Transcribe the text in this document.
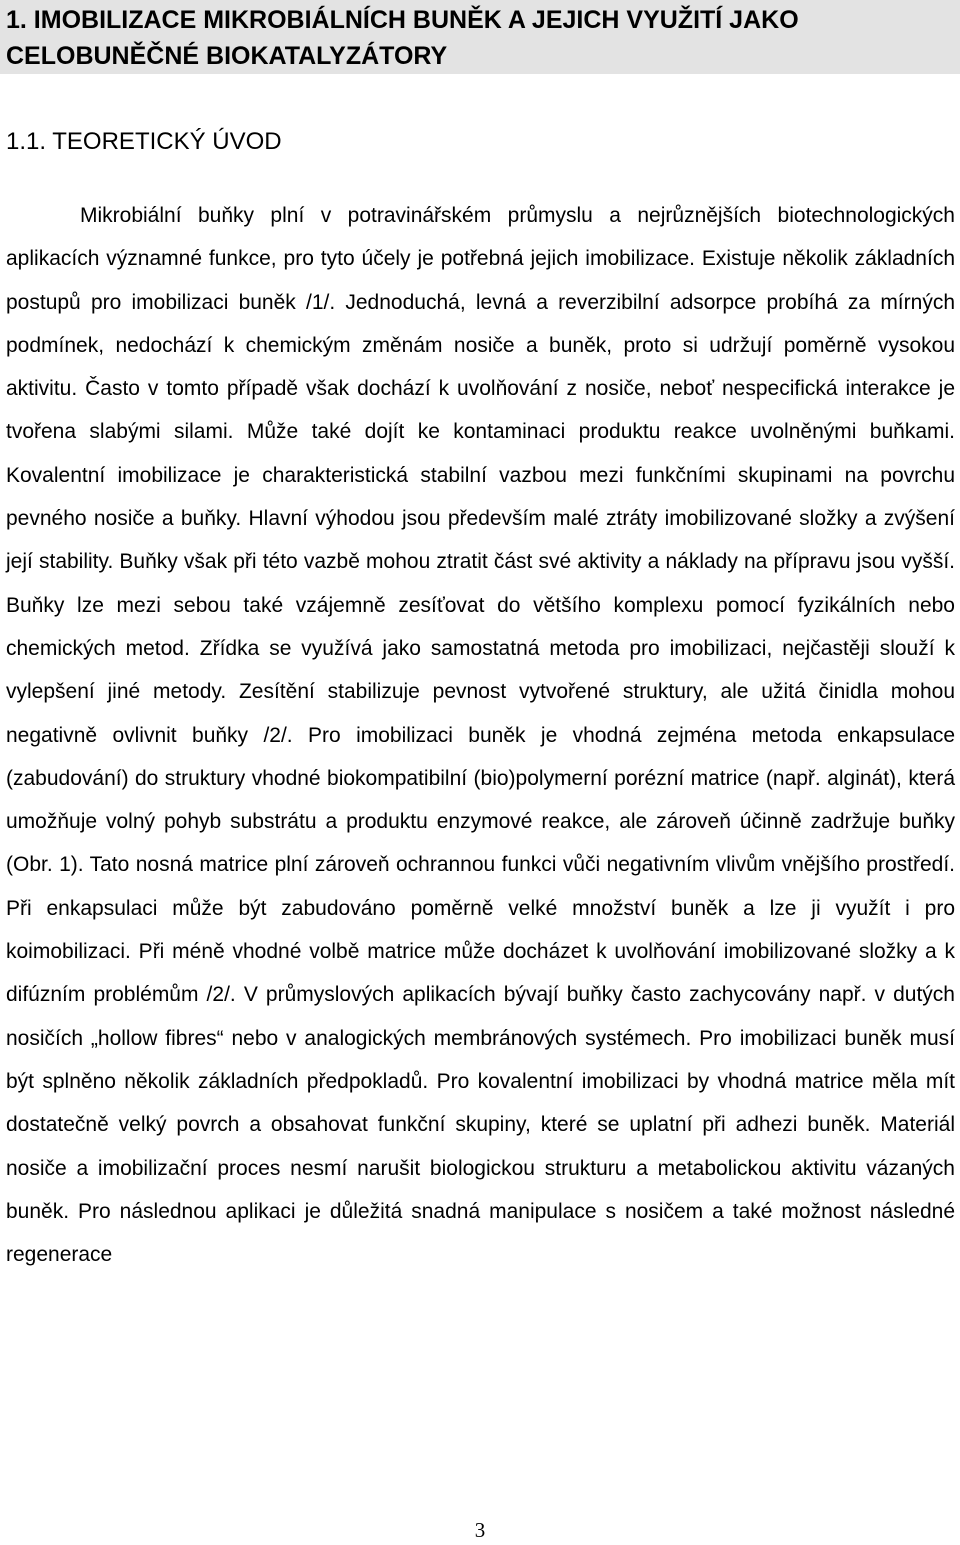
1. IMOBILIZACE MIKROBIÁLNÍCH BUNĚK A JEJICH VYUŽITÍ JAKO CELOBUNĚČNÉ BIOKATALYZÁTORY
1.1. TEORETICKÝ ÚVOD

Mikrobiální buňky plní v potravinářském průmyslu a nejrůznějších biotechnologických aplikacích významné funkce, pro tyto účely je potřebná jejich imobilizace. Existuje několik základních postupů pro imobilizaci buněk /1/. Jednoduchá, levná a reverzibilní adsorpce probíhá za mírných podmínek, nedochází k chemickým změnám nosiče a buněk, proto si udržují poměrně vysokou aktivitu. Často v tomto případě však dochází k uvolňování z nosiče, neboť nespecifická interakce je tvořena slabými silami. Může také dojít ke kontaminaci produktu reakce uvolněnými buňkami. Kovalentní imobilizace je charakteristická stabilní vazbou mezi funkčními skupinami na povrchu pevného nosiče a buňky. Hlavní výhodou jsou především malé ztráty imobilizované složky a zvýšení její stability. Buňky však při této vazbě mohou ztratit část své aktivity a náklady na přípravu jsou vyšší. Buňky lze mezi sebou také vzájemně zesíťovat do většího komplexu pomocí fyzikálních nebo chemických metod. Zřídka se využívá jako samostatná metoda pro imobilizaci, nejčastěji slouží k vylepšení jiné metody. Zesítění stabilizuje pevnost vytvořené struktury, ale užitá činidla mohou negativně ovlivnit buňky /2/. Pro imobilizaci buněk je vhodná zejména metoda enkapsulace (zabudování) do struktury vhodné biokompatibilní (bio)polymerní porézní matrice (např. alginát), která umožňuje volný pohyb substrátu a produktu enzymové reakce, ale zároveň účinně zadržuje buňky (Obr. 1). Tato nosná matrice plní zároveň ochrannou funkci vůči negativním vlivům vnějšího prostředí. Při enkapsulaci může být zabudováno poměrně velké množství buněk a lze ji využít i pro koimobilizaci. Při méně vhodné volbě matrice může docházet k uvolňování imobilizované složky a k difúzním problémům /2/. V průmyslových aplikacích bývají buňky často zachycovány např. v dutých nosičích „hollow fibres“ nebo v analogických membránových systémech. Pro imobilizaci buněk musí být splněno několik základních předpokladů. Pro kovalentní imobilizaci by vhodná matrice měla mít dostatečně velký povrch a obsahovat funkční skupiny, které se uplatní při adhezi buněk. Materiál nosiče a imobilizační proces nesmí narušit biologickou strukturu a metabolickou aktivitu vázaných buněk. Pro následnou aplikaci je důležitá snadná manipulace s nosičem a také možnost následné regenerace

3
